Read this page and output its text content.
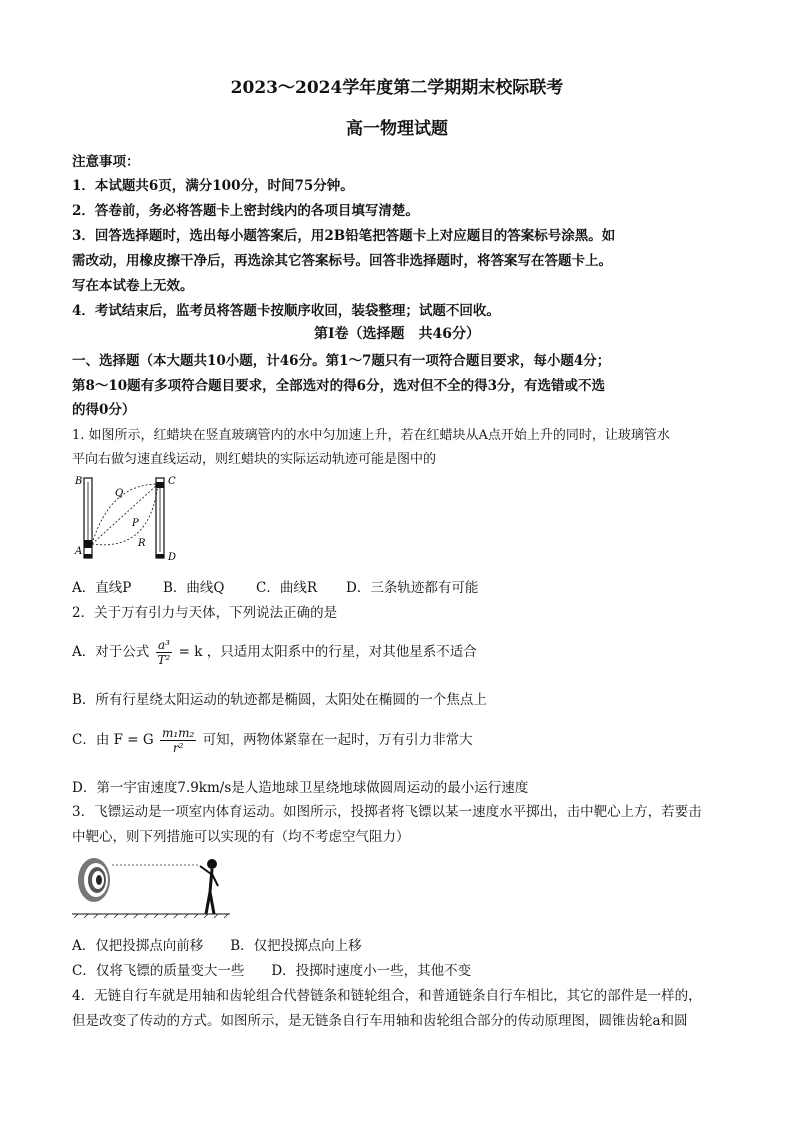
2023～2024学年度第二学期期末校际联考
高一物理试题
注意事项：
1．本试题共6页，满分100分，时间75分钟。
2．答卷前，务必将答题卡上密封线内的各项目填写清楚。
3．回答选择题时，选出每小题答案后，用2B铅笔把答题卡上对应题目的答案标号涂黑。如
需改动，用橡皮擦干净后，再选涂其它答案标号。回答非选择题时，将答案写在答题卡上。
写在本试卷上无效。
4．考试结束后，监考员将答题卡按顺序收回，装袋整理；试题不回收。
第Ⅰ卷（选择题　共46分）
一、选择题（本大题共10小题，计46分。第1～7题只有一项符合题目要求，每小题4分；
第8～10题有多项符合题目要求，全部选对的得6分，选对但不全的得3分，有选错或不选
的得0分）
1. 如图所示，红蜡块在竖直玻璃管内的水中匀加速上升，若在红蜡块从A点开始上升的同时，让玻璃管水
平向右做匀速直线运动，则红蜡块的实际运动轨迹可能是图中的
B
A
C
D
Q
P
R
A．直线P B．曲线Q C．曲线R D．三条轨迹都有可能
2．关于万有引力与天体，下列说法正确的是
A．对于公式 $\frac{\text{a³}}{\text{T²}} = k$ ，只适用太阳系中的行星，对其他星系不适合
B．所有行星绕太阳运动的轨迹都是椭圆，太阳处在椭圆的一个焦点上
C．由 F = G $\frac{\text{m₁m₂}}{\text{r²}}$ 可知，两物体紧靠在一起时，万有引力非常大
D．第一宇宙速度7.9km/s是人造地球卫星绕地球做圆周运动的最小运行速度
3．飞镖运动是一项室内体育运动。如图所示，投掷者将飞镖以某一速度水平掷出，击中靶心上方，若要击
中靶心，则下列措施可以实现的有（均不考虑空气阻力）
A．仅把投掷点向前移　　B．仅把投掷点向上移
C．仅将飞镖的质量变大一些　　D．投掷时速度小一些，其他不变
4．无链自行车就是用轴和齿轮组合代替链条和链轮组合，和普通链条自行车相比，其它的部件是一样的，
但是改变了传动的方式。如图所示，是无链条自行车用轴和齿轮组合部分的传动原理图，圆锥齿轮a和圆
